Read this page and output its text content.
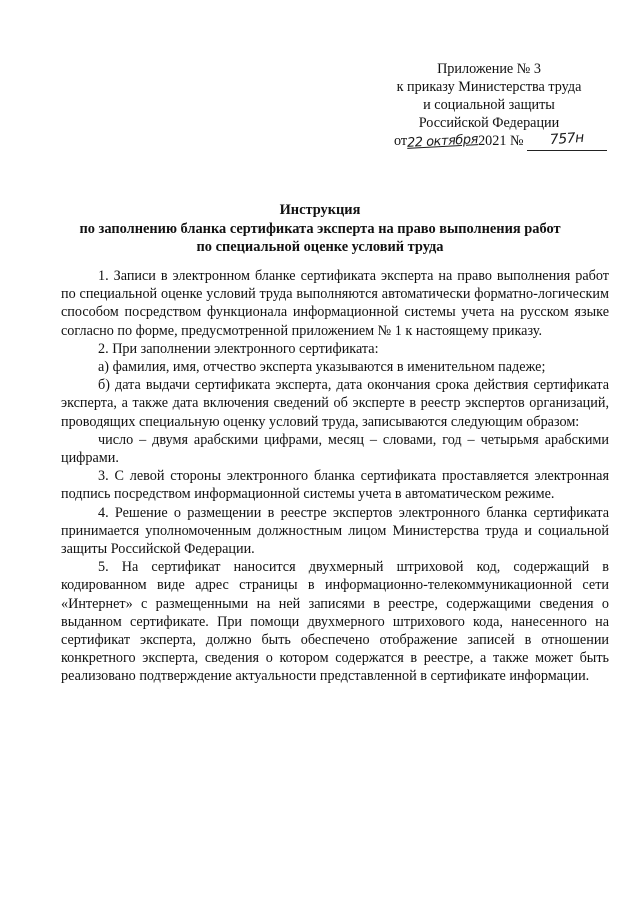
Приложение № 3
к приказу Министерства труда
и социальной защиты
Российской Федерации
от22 октября2021 № 757н
Инструкция
по заполнению бланка сертификата эксперта на право выполнения работ
по специальной оценке условий труда

1. Записи в электронном бланке сертификата эксперта на право выполнения работ по специальной оценке условий труда выполняются автоматически форматно-логическим способом посредством функционала информационной системы учета на русском языке согласно по форме, предусмотренной приложением № 1 к настоящему приказу.

2. При заполнении электронного сертификата:

а) фамилия, имя, отчество эксперта указываются в именительном падеже;

б) дата выдачи сертификата эксперта, дата окончания срока действия сертификата эксперта, а также дата включения сведений об эксперте в реестр экспертов организаций, проводящих специальную оценку условий труда, записываются следующим образом:

число – двумя арабскими цифрами, месяц – словами, год – четырьмя арабскими цифрами.

3. С левой стороны электронного бланка сертификата проставляется электронная подпись посредством информационной системы учета в автоматическом режиме.

4. Решение о размещении в реестре экспертов электронного бланка сертификата принимается уполномоченным должностным лицом Министерства труда и социальной защиты Российской Федерации.

5. На сертификат наносится двухмерный штриховой код, содержащий в кодированном виде адрес страницы в информационно-телекоммуникационной сети «Интернет» с размещенными на ней записями в реестре, содержащими сведения о выданном сертификате. При помощи двухмерного штрихового кода, нанесенного на сертификат эксперта, должно быть обеспечено отображение записей в отношении конкретного эксперта, сведения о котором содержатся в реестре, а также может быть реализовано подтверждение актуальности представленной в сертификате информации.
